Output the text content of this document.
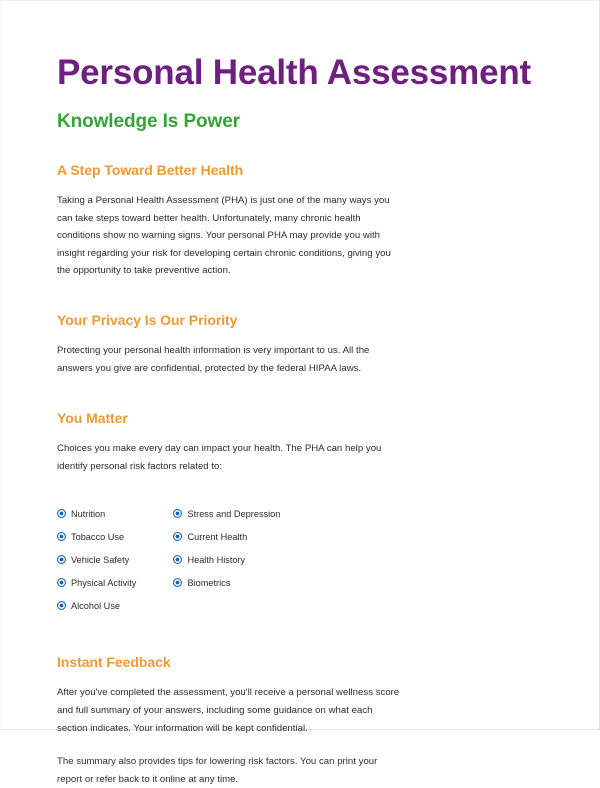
Personal Health Assessment
Knowledge Is Power
A Step Toward Better Health

Taking a Personal Health Assessment (PHA) is just one of the many ways you can take steps toward better health. Unfortunately, many chronic health conditions show no warning signs. Your personal PHA may provide you with insight regarding your risk for developing certain chronic conditions, giving you the opportunity to take preventive action.

Your Privacy Is Our Priority

Protecting your personal health information is very important to us. All the answers you give are confidential, protected by the federal HIPAA laws.

You Matter

Choices you make every day can impact your health. The PHA can help you identify personal risk factors related to:

Nutrition
Tobacco Use
Vehicle Safety
Physical Activity
Alcohol Use

Stress and Depression
Current Health
Health History
Biometrics
Instant Feedback

After you've completed the assessment, you'll receive a personal wellness score and full summary of your answers, including some guidance on what each section indicates. Your information will be kept confidential.

The summary also provides tips for lowering risk factors. You can print your report or refer back to it online at any time.
